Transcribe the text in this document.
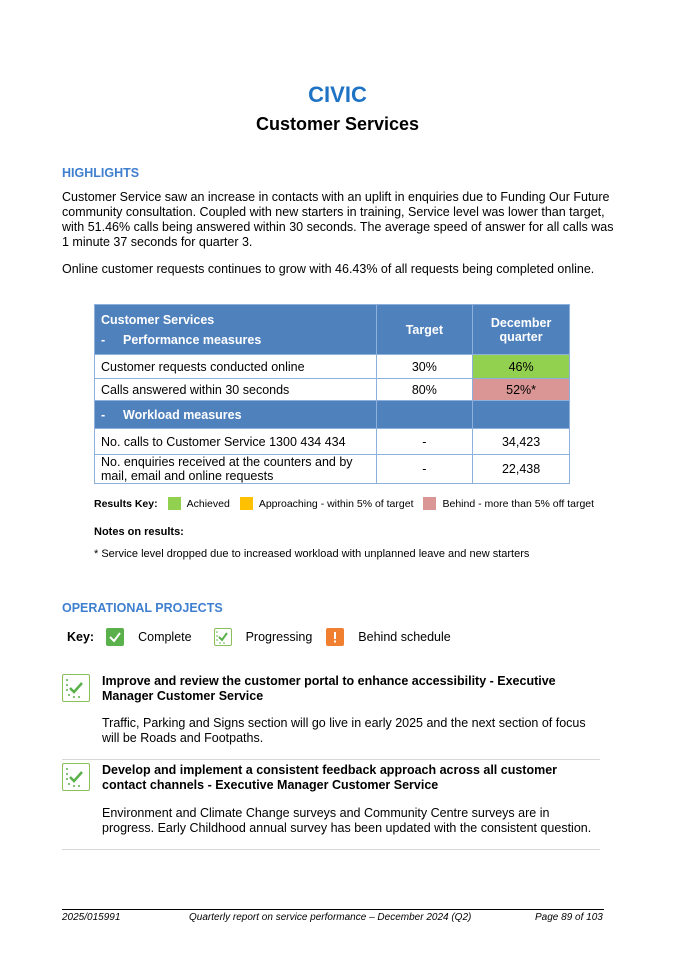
CIVIC
Customer Services
HIGHLIGHTS
Customer Service saw an increase in contacts with an uplift in enquiries due to Funding Our Future community consultation. Coupled with new starters in training, Service level was lower than target, with 51.46% calls being answered within 30 seconds. The average speed of answer for all calls was 1 minute 37 seconds for quarter 3.
Online customer requests continues to grow with 46.43% of all requests being completed online.
Customer Services
- Performance measures	Target	December quarter
Customer requests conducted online	30%	46%
Calls answered within 30 seconds	80%	52%*
- Workload measures		
No. calls to Customer Service 1300 434 434	-	34,423
No. enquiries received at the counters and by mail, email and online requests	-	22,438
Results Key:	Achieved	Approaching - within 5% of target	Behind - more than 5% off target
Notes on results:
* Service level dropped due to increased workload with unplanned leave and new starters
OPERATIONAL PROJECTS
Key:	Complete	Progressing	Behind schedule
Improve and review the customer portal to enhance accessibility - Executive Manager Customer Service
Traffic, Parking and Signs section will go live in early 2025 and the next section of focus will be Roads and Footpaths.
Develop and implement a consistent feedback approach across all customer contact channels - Executive Manager Customer Service
Environment and Climate Change surveys and Community Centre surveys are in progress. Early Childhood annual survey has been updated with the consistent question.
2025/015991	Quarterly report on service performance – December 2024 (Q2)	Page 89 of 103
